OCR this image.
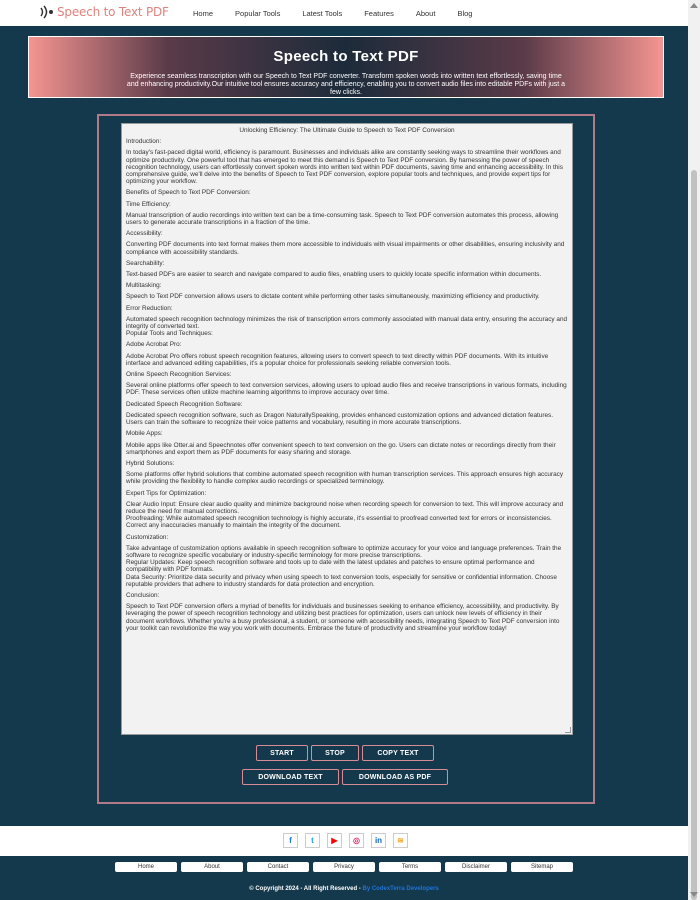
Speech to Text PDF	Home	Popular Tools	Latest Tools	Features	About	Blog
Speech to Text PDF

Experience seamless transcription with our Speech to Text PDF converter. Transform spoken words into written text effortlessly, saving time and enhancing productivity.Our intuitive tool ensures accuracy and efficiency, enabling you to convert audio files into editable PDFs with just a few clicks.

Unlocking Efficiency: The Ultimate Guide to Speech to Text PDF Conversion
Introduction:
In today's fast-paced digital world, efficiency is paramount. Businesses and individuals alike are constantly seeking ways to streamline their workflows and optimize productivity. One powerful tool that has emerged to meet this demand is Speech to Text PDF conversion. By harnessing the power of speech recognition technology, users can effortlessly convert spoken words into written text within PDF documents, saving time and enhancing accessibility. In this comprehensive guide, we'll delve into the benefits of Speech to Text PDF conversion, explore popular tools and techniques, and provide expert tips for optimizing your workflow.
Benefits of Speech to Text PDF Conversion:
Time Efficiency:
Manual transcription of audio recordings into written text can be a time-consuming task. Speech to Text PDF conversion automates this process, allowing users to generate accurate transcriptions in a fraction of the time.
Accessibility:
Converting PDF documents into text format makes them more accessible to individuals with visual impairments or other disabilities, ensuring inclusivity and compliance with accessibility standards.
Searchability:
Text-based PDFs are easier to search and navigate compared to audio files, enabling users to quickly locate specific information within documents.
Multitasking:
Speech to Text PDF conversion allows users to dictate content while performing other tasks simultaneously, maximizing efficiency and productivity.
Error Reduction:
Automated speech recognition technology minimizes the risk of transcription errors commonly associated with manual data entry, ensuring the accuracy and integrity of converted text.
Popular Tools and Techniques:
Adobe Acrobat Pro:
Adobe Acrobat Pro offers robust speech recognition features, allowing users to convert speech to text directly within PDF documents. With its intuitive interface and advanced editing capabilities, it's a popular choice for professionals seeking reliable conversion tools.
Online Speech Recognition Services:
Several online platforms offer speech to text conversion services, allowing users to upload audio files and receive transcriptions in various formats, including PDF. These services often utilize machine learning algorithms to improve accuracy over time.
Dedicated Speech Recognition Software:
Dedicated speech recognition software, such as Dragon NaturallySpeaking, provides enhanced customization options and advanced dictation features. Users can train the software to recognize their voice patterns and vocabulary, resulting in more accurate transcriptions.
Mobile Apps:
Mobile apps like Otter.ai and Speechnotes offer convenient speech to text conversion on the go. Users can dictate notes or recordings directly from their smartphones and export them as PDF documents for easy sharing and storage.
Hybrid Solutions:
Some platforms offer hybrid solutions that combine automated speech recognition with human transcription services. This approach ensures high accuracy while providing the flexibility to handle complex audio recordings or specialized terminology.
Expert Tips for Optimization:
Clear Audio Input: Ensure clear audio quality and minimize background noise when recording speech for conversion to text. This will improve accuracy and reduce the need for manual corrections.
Proofreading: While automated speech recognition technology is highly accurate, it's essential to proofread converted text for errors or inconsistencies. Correct any inaccuracies manually to maintain the integrity of the document.
Customization:
Take advantage of customization options available in speech recognition software to optimize accuracy for your voice and language preferences. Train the software to recognize specific vocabulary or industry-specific terminology for more precise transcriptions.
Regular Updates: Keep speech recognition software and tools up to date with the latest updates and patches to ensure optimal performance and compatibility with PDF formats.
Data Security: Prioritize data security and privacy when using speech to text conversion tools, especially for sensitive or confidential information. Choose reputable providers that adhere to industry standards for data protection and encryption.
Conclusion:
Speech to Text PDF conversion offers a myriad of benefits for individuals and businesses seeking to enhance efficiency, accessibility, and productivity. By leveraging the power of speech recognition technology and utilizing best practices for optimization, users can unlock new levels of efficiency in their document workflows. Whether you're a busy professional, a student, or someone with accessibility needs, integrating Speech to Text PDF conversion into your toolkit can revolutionize the way you work with documents. Embrace the future of productivity and streamline your workflow today!
START	STOP	COPY TEXT
DOWNLOAD TEXT	DOWNLOAD AS PDF
f	t	▶	◎	in	≋
Home	About	Contact	Privacy	Terms	Disclaimer	Sitemap
© Copyright 2024 - All Right Reserved - By CodexTerra Developers
